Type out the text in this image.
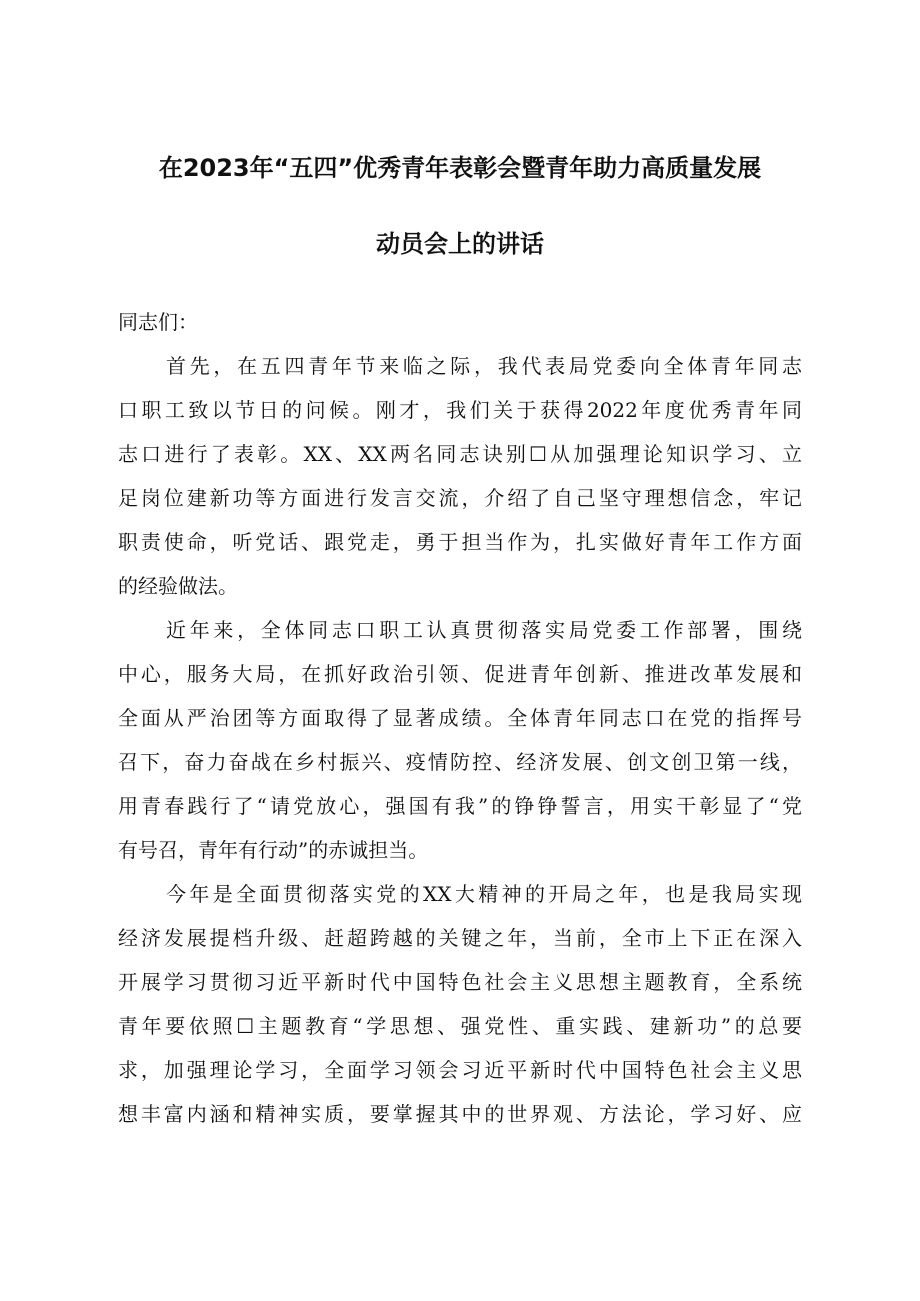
在2023年“五四”优秀青年表彰会暨青年助力高质量发展
动员会上的讲话
同志们：
首先，在五四青年节来临之际，我代表局党委向全体青年同志
口职工致以节日的问候。刚才，我们关于获得2022年度优秀青年同
志口进行了表彰。XX、XX两名同志诀别☐从加强理论知识学习、立
足岗位建新功等方面进行发言交流，介绍了自己坚守理想信念，牢记
职责使命，听党话、跟党走，勇于担当作为，扎实做好青年工作方面
的经验做法。
近年来，全体同志口职工认真贯彻落实局党委工作部署，围绕
中心，服务大局，在抓好政治引领、促进青年创新、推进改革发展和
全面从严治团等方面取得了显著成绩。全体青年同志口在党的指挥号
召下，奋力奋战在乡村振兴、疫情防控、经济发展、创文创卫第一线，
用青春践行了“请党放心，强国有我”的铮铮誓言，用实干彰显了“党
有号召，青年有行动”的赤诚担当。
今年是全面贯彻落实党的XX大精神的开局之年，也是我局实现
经济发展提档升级、赶超跨越的关键之年，当前，全市上下正在深入
开展学习贯彻习近平新时代中国特色社会主义思想主题教育，全系统
青年要依照☐主题教育“学思想、强党性、重实践、建新功”的总要
求，加强理论学习，全面学习领会习近平新时代中国特色社会主义思
想丰富内涵和精神实质，要掌握其中的世界观、方法论，学习好、应
